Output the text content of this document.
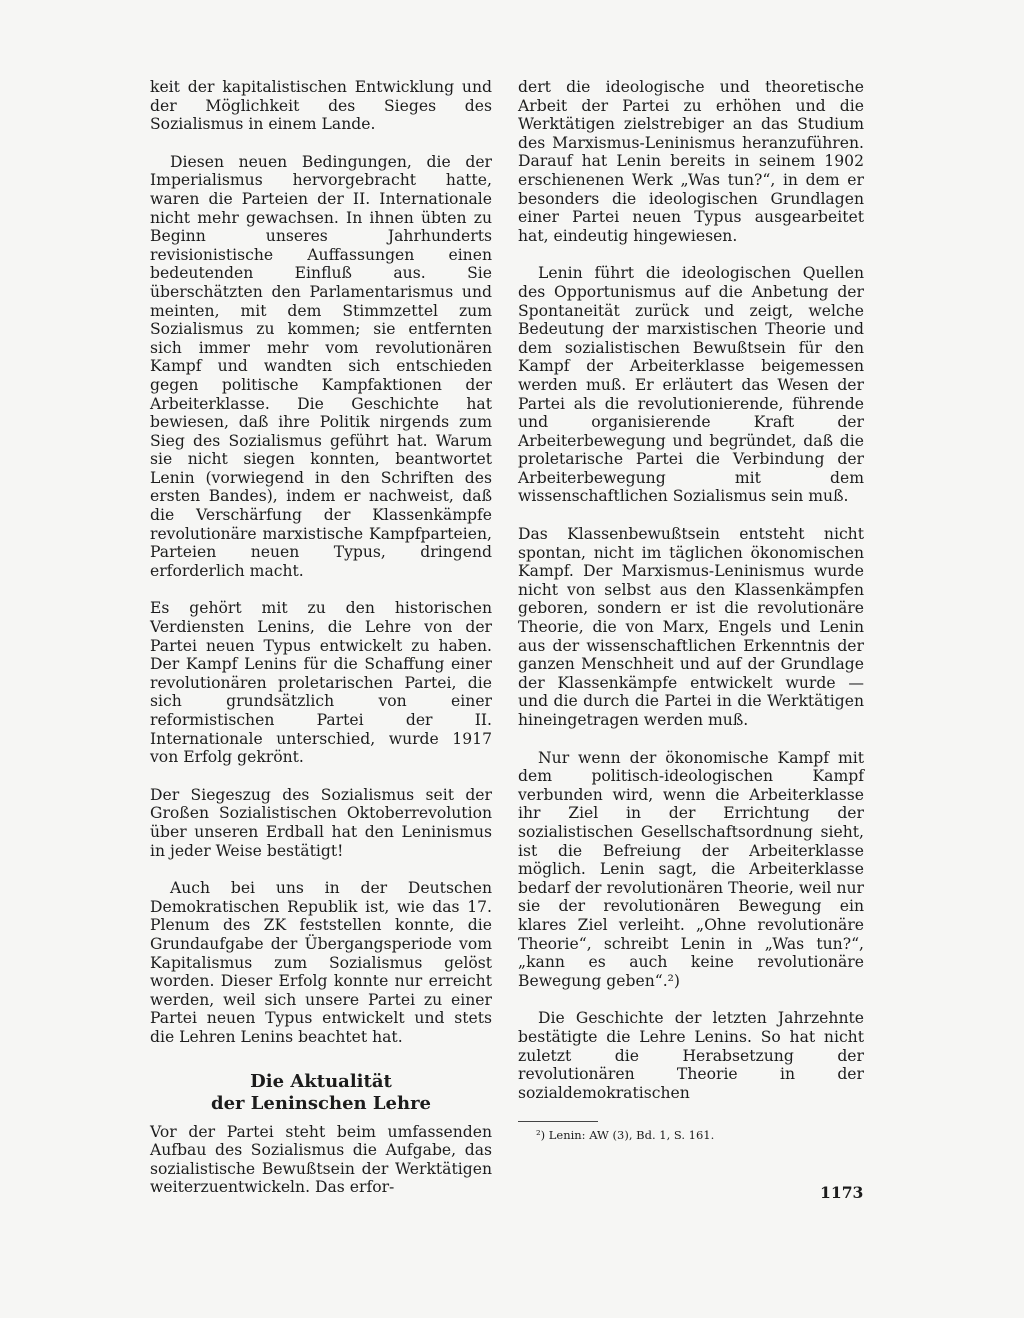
keit der kapitalistischen Entwicklung und der Möglichkeit des Sieges des Sozialismus in einem Lande.

Diesen neuen Bedingungen, die der Imperialismus hervorgebracht hatte, waren die Parteien der II. Internationale nicht mehr gewachsen. In ihnen übten zu Beginn unseres Jahrhunderts revisionistische Auffassungen einen bedeutenden Einfluß aus. Sie überschätzten den Parlamentarismus und meinten, mit dem Stimmzettel zum Sozialismus zu kommen; sie entfernten sich immer mehr vom revolutionären Kampf und wandten sich entschieden gegen politische Kampfaktionen der Arbeiterklasse. Die Geschichte hat bewiesen, daß ihre Politik nirgends zum Sieg des Sozialismus geführt hat. Warum sie nicht siegen konnten, beantwortet Lenin (vorwiegend in den Schriften des ersten Bandes), indem er nachweist, daß die Verschärfung der Klassenkämpfe revolutionäre marxistische Kampfparteien, Parteien neuen Typus, dringend erforderlich macht.

Es gehört mit zu den historischen Verdiensten Lenins, die Lehre von der Partei neuen Typus entwickelt zu haben. Der Kampf Lenins für die Schaffung einer revolutionären proletarischen Partei, die sich grundsätzlich von einer reformistischen Partei der II. Internationale unterschied, wurde 1917 von Erfolg gekrönt.

Der Siegeszug des Sozialismus seit der Großen Sozialistischen Oktoberrevolution über unseren Erdball hat den Leninismus in jeder Weise bestätigt!

Auch bei uns in der Deutschen Demokratischen Republik ist, wie das 17. Plenum des ZK feststellen konnte, die Grundaufgabe der Übergangsperiode vom Kapitalismus zum Sozialismus gelöst worden. Dieser Erfolg konnte nur erreicht werden, weil sich unsere Partei zu einer Partei neuen Typus entwickelt und stets die Lehren Lenins beachtet hat.

Die Aktualität
der Leninschen Lehre

Vor der Partei steht beim umfassenden Aufbau des Sozialismus die Aufgabe, das sozialistische Bewußtsein der Werktätigen weiterzuentwickeln. Das erfor-

dert die ideologische und theoretische Arbeit der Partei zu erhöhen und die Werktätigen zielstrebiger an das Studium des Marxismus-Leninismus heranzuführen. Darauf hat Lenin bereits in seinem 1902 erschienenen Werk „Was tun?“, in dem er besonders die ideologischen Grundlagen einer Partei neuen Typus ausgearbeitet hat, eindeutig hingewiesen.

Lenin führt die ideologischen Quellen des Opportunismus auf die Anbetung der Spontaneität zurück und zeigt, welche Bedeutung der marxistischen Theorie und dem sozialistischen Bewußtsein für den Kampf der Arbeiterklasse beigemessen werden muß. Er erläutert das Wesen der Partei als die revolutionierende, führende und organisierende Kraft der Arbeiterbewegung und begründet, daß die proletarische Partei die Verbindung der Arbeiterbewegung mit dem wissenschaftlichen Sozialismus sein muß.

Das Klassenbewußtsein entsteht nicht spontan, nicht im täglichen ökonomischen Kampf. Der Marxismus-Leninismus wurde nicht von selbst aus den Klassenkämpfen geboren, sondern er ist die revolutionäre Theorie, die von Marx, Engels und Lenin aus der wissenschaftlichen Erkenntnis der ganzen Menschheit und auf der Grundlage der Klassenkämpfe entwickelt wurde — und die durch die Partei in die Werktätigen hineingetragen werden muß.

Nur wenn der ökonomische Kampf mit dem politisch-ideologischen Kampf verbunden wird, wenn die Arbeiterklasse ihr Ziel in der Errichtung der sozialistischen Gesellschaftsordnung sieht, ist die Befreiung der Arbeiterklasse möglich. Lenin sagt, die Arbeiterklasse bedarf der revolutionären Theorie, weil nur sie der revolutionären Bewegung ein klares Ziel verleiht. „Ohne revolutionäre Theorie“, schreibt Lenin in „Was tun?“, „kann es auch keine revolutionäre Bewegung geben“.²)

Die Geschichte der letzten Jahrzehnte bestätigte die Lehre Lenins. So hat nicht zuletzt die Herabsetzung der revolutionären Theorie in der sozialdemokratischen

²) Lenin: AW (3), Bd. 1, S. 161.
1173
